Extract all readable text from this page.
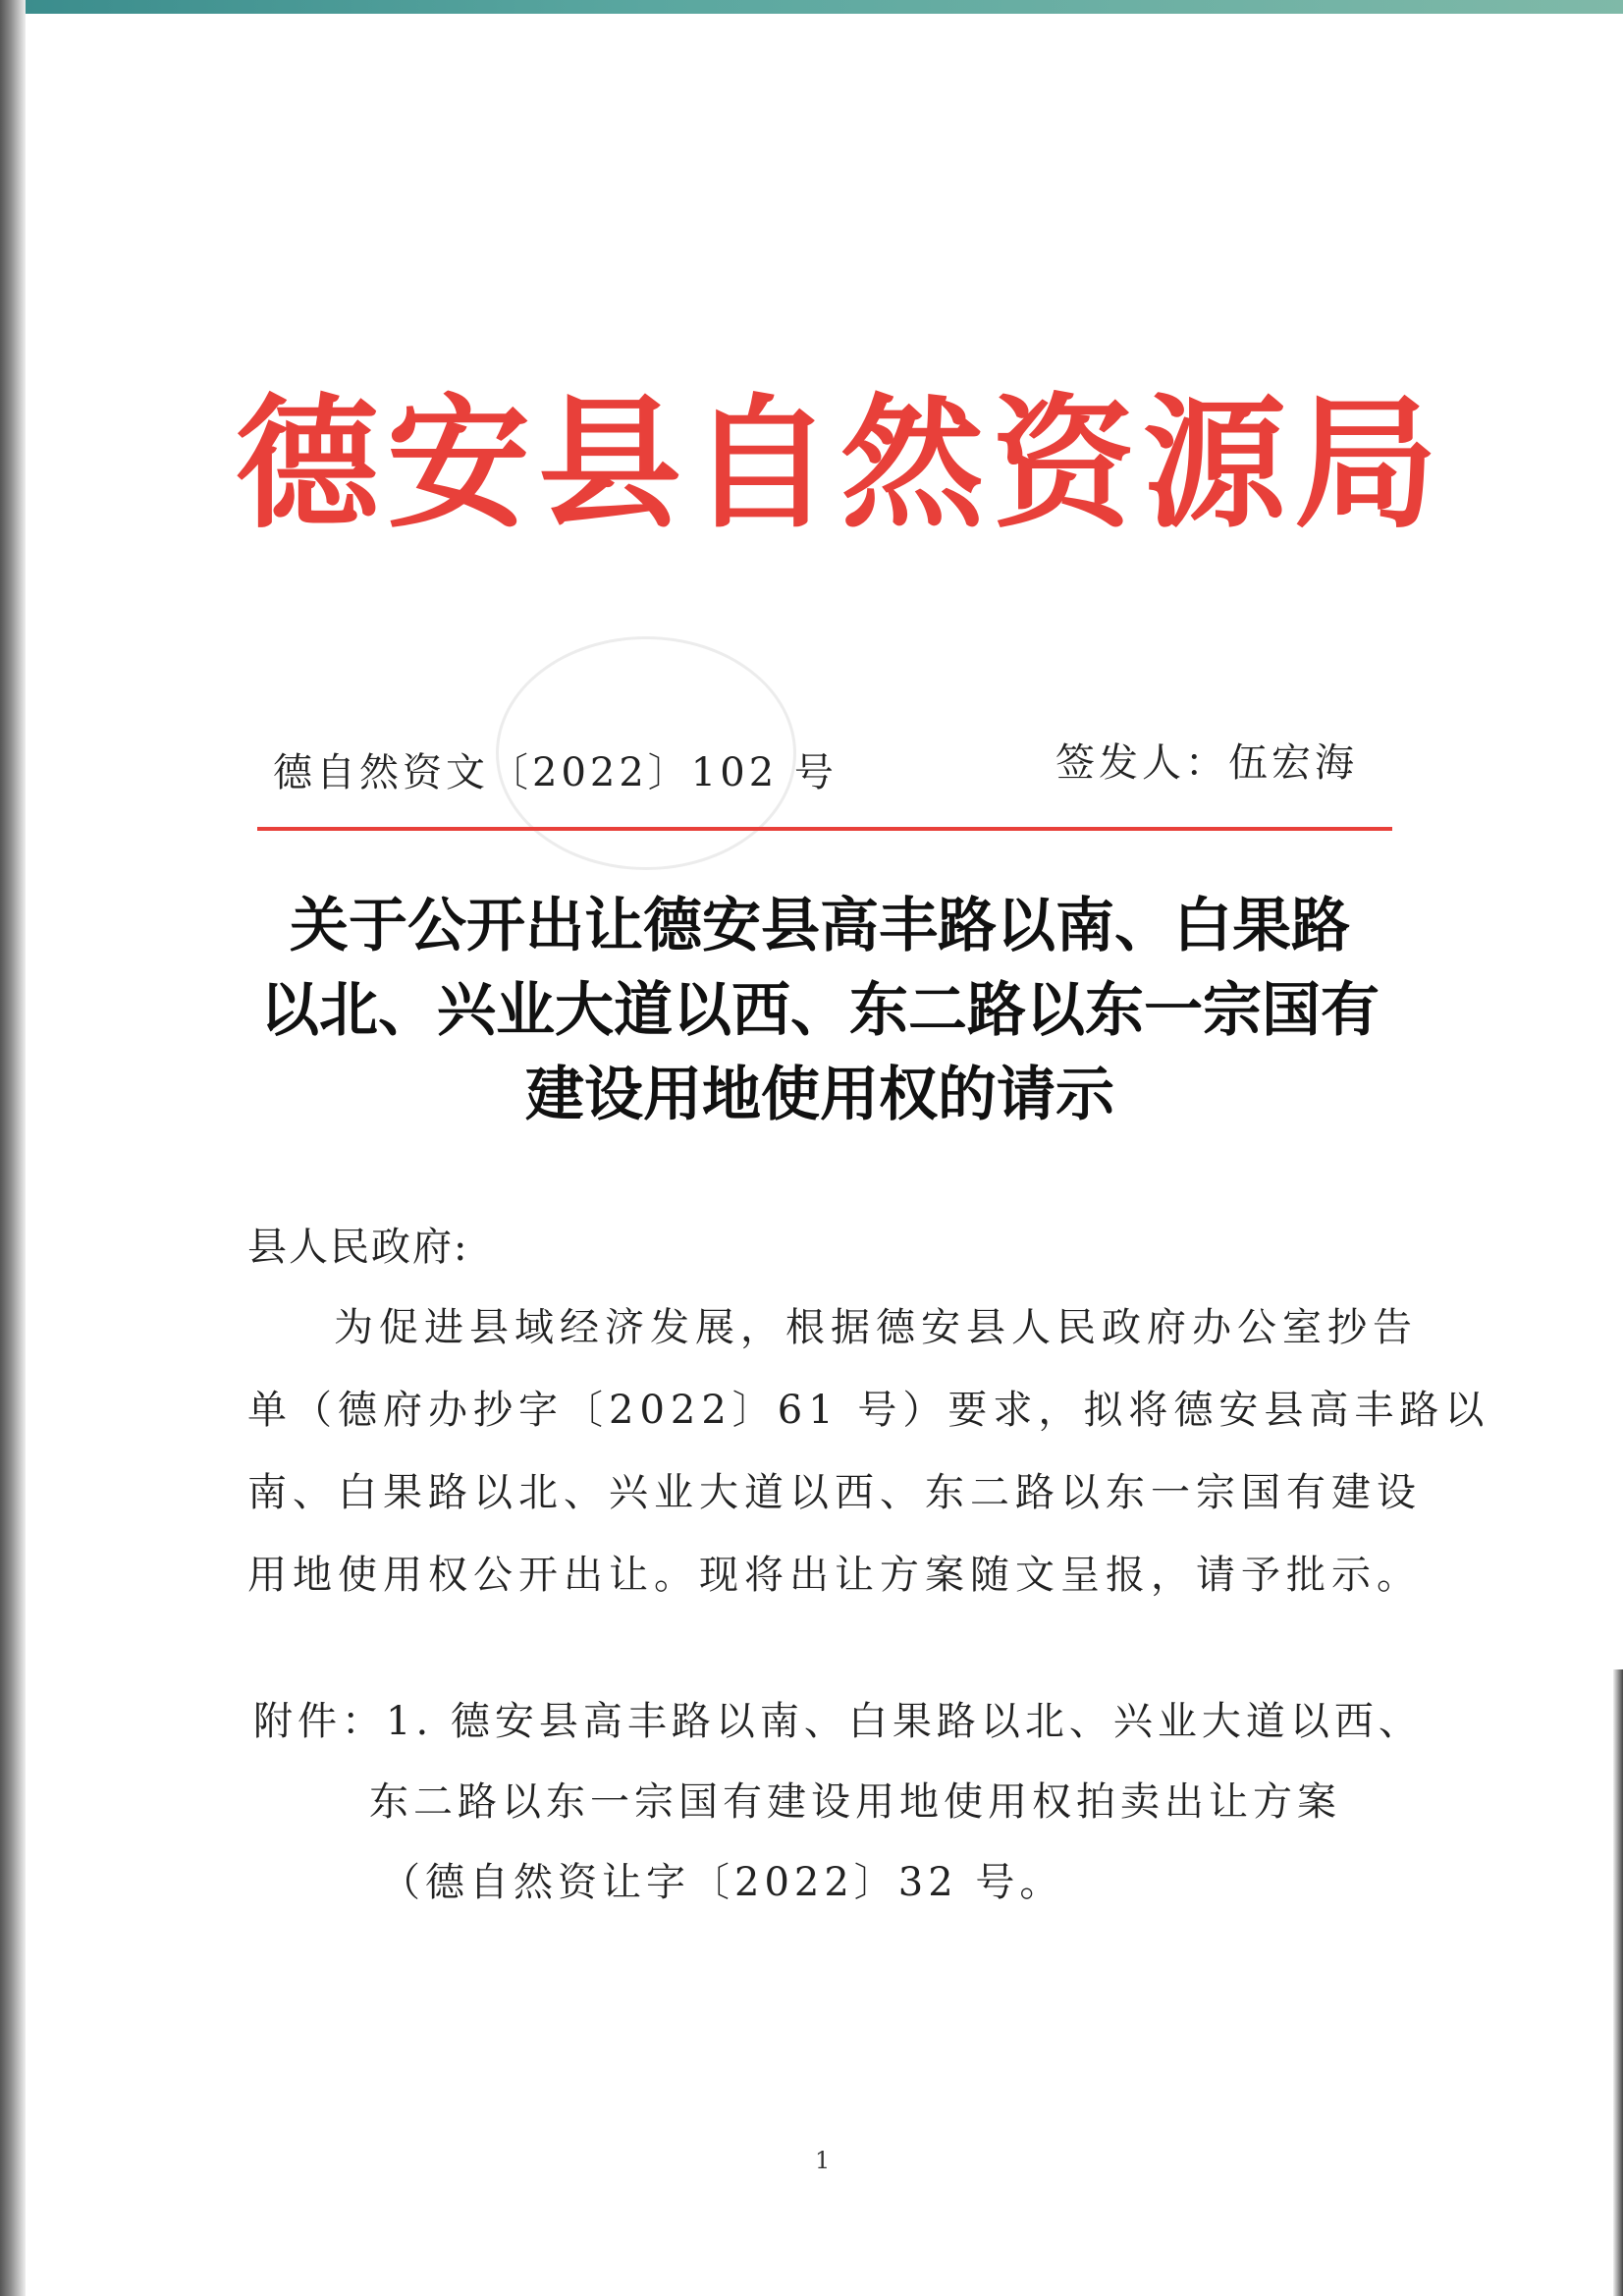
德安县自然资源局
德自然资文〔2022〕102 号	签发人：伍宏海
关于公开出让德安县高丰路以南、白果路
以北、兴业大道以西、东二路以东一宗国有
建设用地使用权的请示
县人民政府:
为促进县域经济发展，根据德安县人民政府办公室抄告
单（德府办抄字〔2022〕61 号）要求，拟将德安县高丰路以
南、白果路以北、兴业大道以西、东二路以东一宗国有建设
用地使用权公开出让。现将出让方案随文呈报，请予批示。
附件：1. 德安县高丰路以南、白果路以北、兴业大道以西、
东二路以东一宗国有建设用地使用权拍卖出让方案
（德自然资让字〔2022〕32 号。
1
